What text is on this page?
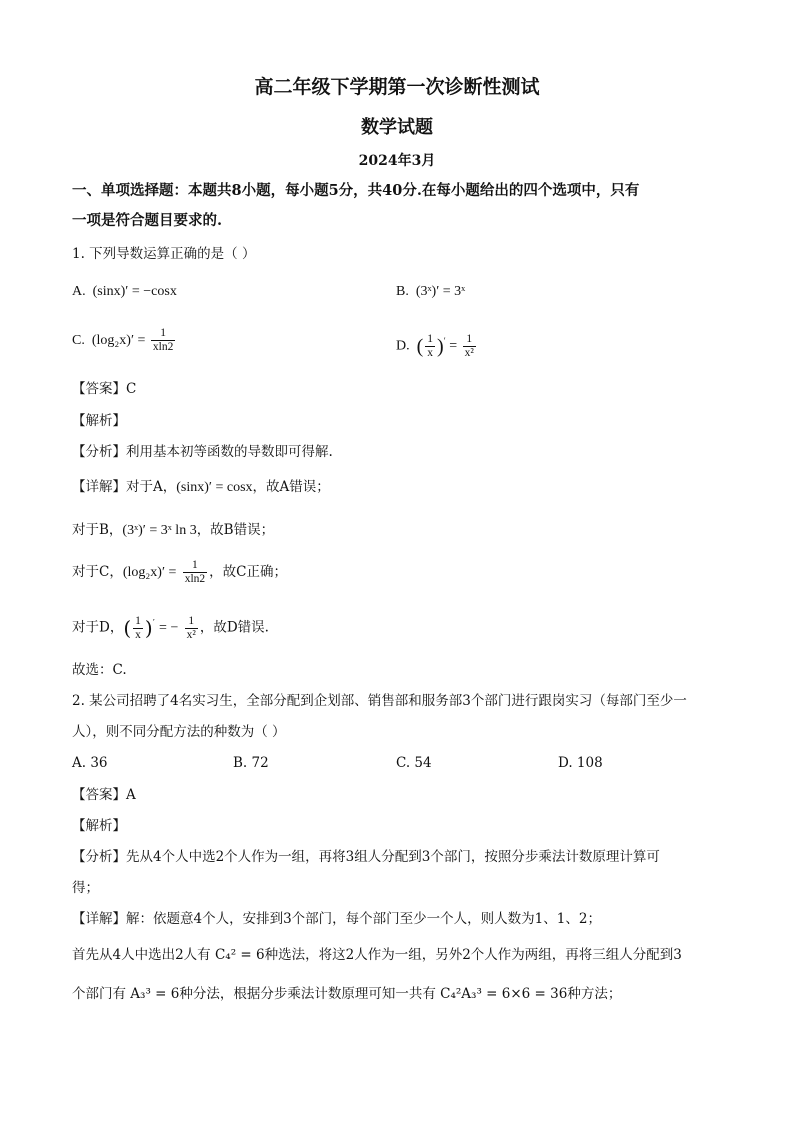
高二年级下学期第一次诊断性测试
数学试题
2024年3月
一、单项选择题：本题共8小题，每小题5分，共40分.在每小题给出的四个选项中，只有
一项是符合题目要求的.
1. 下列导数运算正确的是（ ）
A. (sinx)′ = −cosx	B. (3ˣ)′ = 3ˣ
C. $(\log_2x)' = \frac{1}{xln2}$	D. ( $\frac{1}{x} )' = \frac{1}{\text{x²}}$
【答案】C
【解析】
【分析】利用基本初等函数的导数即可得解.
【详解】对于A，(sinx)′ = cosx，故A错误；
对于B，(3ˣ)′ = 3ˣ ln 3，故B错误；
对于C，$(\log_2x)' = \frac{1}{xln2}$ ，故C正确；
对于D，( $\frac{1}{x} )'$ = − $\frac{1}{\text{x²}}$ ，故D错误.
故选：C.
2. 某公司招聘了4名实习生，全部分配到企划部、销售部和服务部3个部门进行跟岗实习（每部门至少一
人），则不同分配方法的种数为（ ）
A. 36	B. 72	C. 54	D. 108
【答案】A
【解析】
【分析】先从4个人中选2个人作为一组，再将3组人分配到3个部门，按照分步乘法计数原理计算可
得；
【详解】解：依题意4个人，安排到3个部门，每个部门至少一个人，则人数为1、1、2；
首先从4人中选出2人有 C₄² = 6种选法，将这2人作为一组，另外2个人作为两组，再将三组人分配到3
个部门有 A₃³ = 6种分法，根据分步乘法计数原理可知一共有 C₄²A₃³ = 6×6 = 36种方法；
